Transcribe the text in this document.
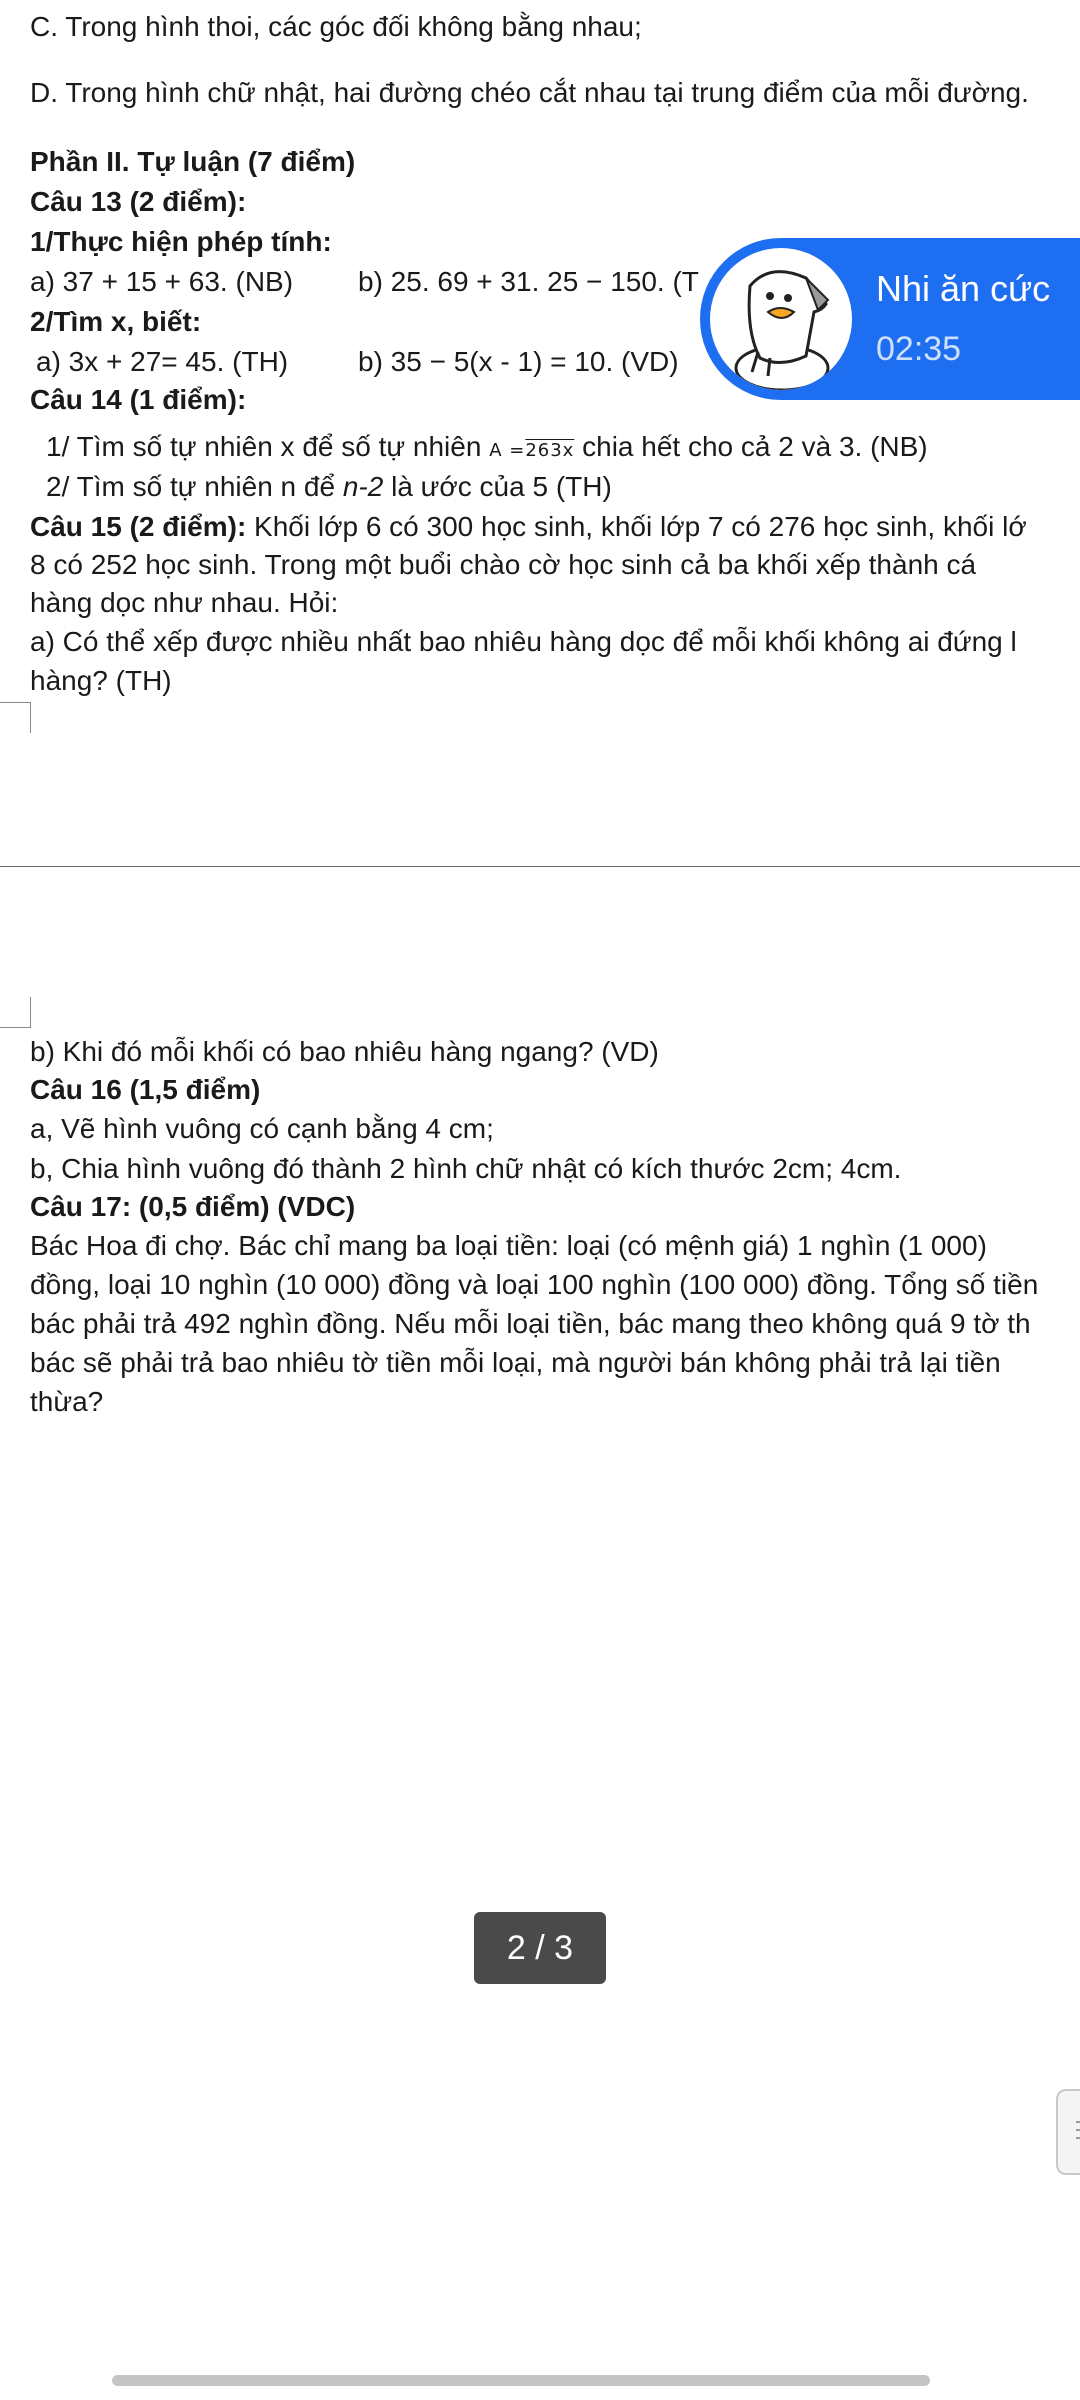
C. Trong hình thoi, các góc đối không bằng nhau;
D. Trong hình chữ nhật, hai đường chéo cắt nhau tại trung điểm của mỗi đường.
Phần II. Tự luận (7 điểm)
Câu 13 (2 điểm):
1/Thực hiện phép tính:
a) 37 + 15 + 63. (NB) b) 25. 69 + 31. 25 − 150. (T
2/Tìm x, biết:
a) 3x + 27= 45. (TH) b) 35 − 5(x - 1) = 10. (VD)
Câu 14 (1 điểm):
1/ Tìm số tự nhiên x để số tự nhiên A =263x chia hết cho cả 2 và 3. (NB)
2/ Tìm số tự nhiên n để n-2 là ước của 5 (TH)
Câu 15 (2 điểm): Khối lớp 6 có 300 học sinh, khối lớp 7 có 276 học sinh, khối lớ
8 có 252 học sinh. Trong một buổi chào cờ học sinh cả ba khối xếp thành cá
hàng dọc như nhau. Hỏi:
a) Có thể xếp được nhiều nhất bao nhiêu hàng dọc để mỗi khối không ai đứng l
hàng? (TH)
b) Khi đó mỗi khối có bao nhiêu hàng ngang? (VD)
Câu 16 (1,5 điểm)
a, Vẽ hình vuông có cạnh bằng 4 cm;
b, Chia hình vuông đó thành 2 hình chữ nhật có kích thước 2cm; 4cm.
Câu 17: (0,5 điểm) (VDC)
Bác Hoa đi chợ. Bác chỉ mang ba loại tiền: loại (có mệnh giá) 1 nghìn (1 000)
đồng, loại 10 nghìn (10 000) đồng và loại 100 nghìn (100 000) đồng. Tổng số tiền
bác phải trả 492 nghìn đồng. Nếu mỗi loại tiền, bác mang theo không quá 9 tờ th
bác sẽ phải trả bao nhiêu tờ tiền mỗi loại, mà người bán không phải trả lại tiền
thừa?
Nhi ăn cức
02:35
2 / 3
